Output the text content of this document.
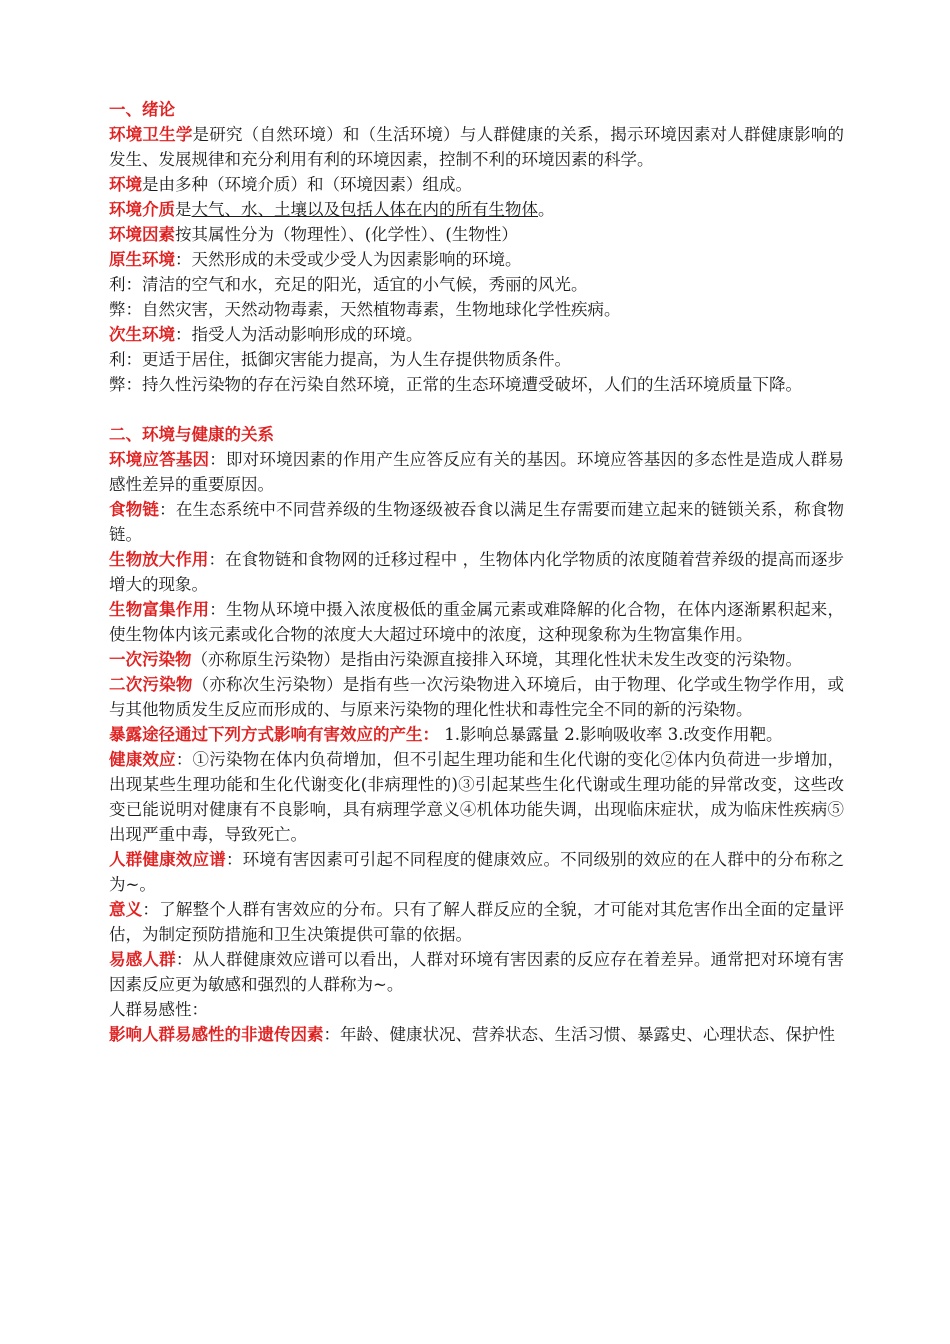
一、绪论

环境卫生学是研究（自然环境）和（生活环境）与人群健康的关系，揭示环境因素对人群健康影响的发生、发展规律和充分利用有利的环境因素，控制不利的环境因素的科学。

环境是由多种（环境介质）和（环境因素）组成。

环境介质是大气、水、土壤以及包括人体在内的所有生物体。

环境因素按其属性分为（物理性）、(化学性）、(生物性）

原生环境：天然形成的未受或少受人为因素影响的环境。

利：清洁的空气和水，充足的阳光，适宜的小气候，秀丽的风光。

弊：自然灾害，天然动物毒素，天然植物毒素，生物地球化学性疾病。

次生环境：指受人为活动影响形成的环境。

利：更适于居住，抵御灾害能力提高，为人生存提供物质条件。

弊：持久性污染物的存在污染自然环境，正常的生态环境遭受破坏，人们的生活环境质量下降。

二、环境与健康的关系

环境应答基因：即对环境因素的作用产生应答反应有关的基因。环境应答基因的多态性是造成人群易感性差异的重要原因。

食物链：在生态系统中不同营养级的生物逐级被吞食以满足生存需要而建立起来的链锁关系，称食物链。

生物放大作用：在食物链和食物网的迁移过程中 ，生物体内化学物质的浓度随着营养级的提高而逐步增大的现象。

生物富集作用：生物从环境中摄入浓度极低的重金属元素或难降解的化合物，在体内逐渐累积起来，使生物体内该元素或化合物的浓度大大超过环境中的浓度，这种现象称为生物富集作用。

一次污染物（亦称原生污染物）是指由污染源直接排入环境，其理化性状未发生改变的污染物。

二次污染物（亦称次生污染物）是指有些一次污染物进入环境后，由于物理、化学或生物学作用，或与其他物质发生反应而形成的、与原来污染物的理化性状和毒性完全不同的新的污染物。

暴露途径通过下列方式影响有害效应的产生： 1.影响总暴露量 2.影响吸收率 3.改变作用靶。

健康效应：①污染物在体内负荷增加，但不引起生理功能和生化代谢的变化②体内负荷进一步增加，出现某些生理功能和生化代谢变化(非病理性的)③引起某些生化代谢或生理功能的异常改变，这些改变已能说明对健康有不良影响，具有病理学意义④机体功能失调，出现临床症状，成为临床性疾病⑤出现严重中毒，导致死亡。

人群健康效应谱：环境有害因素可引起不同程度的健康效应。不同级别的效应的在人群中的分布称之为~。

意义：了解整个人群有害效应的分布。只有了解人群反应的全貌，才可能对其危害作出全面的定量评估，为制定预防措施和卫生决策提供可靠的依据。

易感人群：从人群健康效应谱可以看出，人群对环境有害因素的反应存在着差异。通常把对环境有害因素反应更为敏感和强烈的人群称为~。

人群易感性：

影响人群易感性的非遗传因素：年龄、健康状况、营养状态、生活习惯、暴露史、心理状态、保护性
